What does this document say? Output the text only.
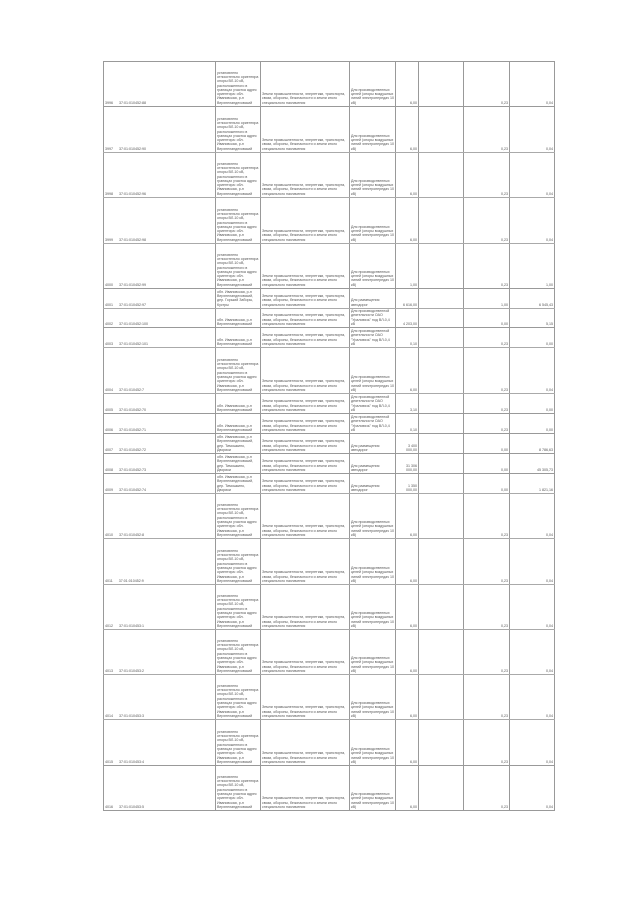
3996 37:01:010452:88	установлено относительно ориентира опоры ВЛ-10 кВ, расположенного в границах участка адрес ориентира: обл. Ивановская, р-н Верхнеландеховский	Земли промышленности, энергетики, транспорта, связи, обороны, безопасности и земли иного специального назначения	Для производственных целей (опоры воздушных линий электропередач 10 кВ)	6,00		0,23	0,04
3997 37:01:010452:90	установлено относительно ориентира опоры ВЛ-10 кВ, расположенного в границах участка адрес ориентира: обл. Ивановская, р-н Верхнеландеховский	Земли промышленности, энергетики, транспорта, связи, обороны, безопасности и земли иного специального назначения	Для производственных целей (опоры воздушных линий электропередач 10 кВ)	6,00		0,23	0,04
3998 37:01:010452:96	установлено относительно ориентира опоры ВЛ-10 кВ, расположенного в границах участка адрес ориентира: обл. Ивановская, р-н Верхнеландеховский	Земли промышленности, энергетики, транспорта, связи, обороны, безопасности и земли иного специального назначения	Для производственных целей (опоры воздушных линий электропередач 10 кВ)	6,00		0,23	0,04
3999 37:01:010452:98	установлено относительно ориентира опоры ВЛ-10 кВ, расположенного в границах участка адрес ориентира: обл. Ивановская, р-н Верхнеландеховский	Земли промышленности, энергетики, транспорта, связи, обороны, безопасности и земли иного специального назначения	Для производственных целей (опоры воздушных линий электропередач 10 кВ)	6,00		0,23	0,04
4000 37:01:010452:99	установлено относительно ориентира опоры ВЛ-10 кВ, расположенного в границах участка адрес ориентира: обл. Ивановская, р-н Верхнеландеховский	Земли промышленности, энергетики, транспорта, связи, обороны, безопасности и земли иного специального назначения	Для производственных целей (опоры воздушных линий электропередач 10 кВ)	1,00		0,23	1,00
4001 37:01:010452:97	обл. Ивановская, р-н Верхнеландеховский, дер. Горький Заборы, Кустры	Земли промышленности, энергетики, транспорта, связи, обороны, безопасности и земли иного специального назначения	Для размещения автодорог	6 616,00		1,00	6 545,43
4002 37:01:010452:100	обл. Ивановская, р-н Верхнеландеховский	Земли промышленности, энергетики, транспорта, связи, обороны, безопасности и земли иного специального назначения	Для производственной деятельности ОАО "Уралсвязь" под ВЛ-0,4 кВ	4 203,00		0,00	5,15
4003 37:01:010452:101	обл. Ивановская, р-н Верхнеландеховский	Земли промышленности, энергетики, транспорта, связи, обороны, безопасности и земли иного специального назначения	Для производственной деятельности ОАО "Уралсвязь" под ВЛ-0,4 кВ	0,10		0,23	0,00
4004 37:01:010452:7	установлено относительно ориентира опоры ВЛ-10 кВ, расположенного в границах участка адрес ориентира: обл. Ивановская, р-н Верхнеландеховский	Земли промышленности, энергетики, транспорта, связи, обороны, безопасности и земли иного специального назначения	Для производственных целей (опоры воздушных линий электропередач 10 кВ)	6,00		0,23	0,04
4005 37:01:010452:70	обл. Ивановская, р-н Верхнеландеховский	Земли промышленности, энергетики, транспорта, связи, обороны, безопасности и земли иного специального назначения	Для производственной деятельности ОАО "Уралсвязь" под ВЛ-0,4 кВ	3,10		0,23	0,00
4006 37:01:010452:71	обл. Ивановская, р-н Верхнеландеховский	Земли промышленности, энергетики, транспорта, связи, обороны, безопасности и земли иного специального назначения	Для производственной деятельности ОАО "Уралсвязь" под ВЛ-0,4 кВ	0,10		0,23	0,00
4007 37:01:010452:72	обл. Ивановская, р-н Верхнеландеховский, дер. Тимошкино, Дворики	Земли промышленности, энергетики, транспорта, связи, обороны, безопасности и земли иного специального назначения	Для размещения автодорог	3 400 000,00		0,00	8 786,63
4008 37:01:010452:73	обл. Ивановская, р-н Верхнеландеховский, дер. Тимошкино, Дворики	Земли промышленности, энергетики, транспорта, связи, обороны, безопасности и земли иного специального назначения	Для размещения автодорог	31 306 000,00		0,00	45 305,73
4009 37:01:010452:74	обл. Ивановская, р-н Верхнеландеховский, дер. Тимошкино, Дворики	Земли промышленности, энергетики, транспорта, связи, обороны, безопасности и земли иного специального назначения	Для размещения автодорог	1 350 000,00		0,00	1 821,16
4010 37:01:010452:8	установлено относительно ориентира опоры ВЛ-10 кВ, расположенного в границах участка адрес ориентира: обл. Ивановская, р-н Верхнеландеховский	Земли промышленности, энергетики, транспорта, связи, обороны, безопасности и земли иного специального назначения	Для производственных целей (опоры воздушных линий электропередач 10 кВ)	6,00		0,23	0,04
4011 37:01:010452:9	установлено относительно ориентира опоры ВЛ-10 кВ, расположенного в границах участка адрес ориентира: обл. Ивановская, р-н Верхнеландеховский	Земли промышленности, энергетики, транспорта, связи, обороны, безопасности и земли иного специального назначения	Для производственных целей (опоры воздушных линий электропередач 10 кВ)	6,00		0,23	0,04
4012 37:01:010453:1	установлено относительно ориентира опоры ВЛ-10 кВ, расположенного в границах участка адрес ориентира: обл. Ивановская, р-н Верхнеландеховский	Земли промышленности, энергетики, транспорта, связи, обороны, безопасности и земли иного специального назначения	Для производственных целей (опоры воздушных линий электропередач 10 кВ)	6,00		0,23	0,04
4013 37:01:010453:2	установлено относительно ориентира опоры ВЛ-10 кВ, расположенного в границах участка адрес ориентира: обл. Ивановская, р-н Верхнеландеховский	Земли промышленности, энергетики, транспорта, связи, обороны, безопасности и земли иного специального назначения	Для производственных целей (опоры воздушных линий электропередач 10 кВ)	6,00		0,23	0,04
4014 37:01:010453:3	установлено относительно ориентира опоры ВЛ-10 кВ, расположенного в границах участка адрес ориентира: обл. Ивановская, р-н Верхнеландеховский	Земли промышленности, энергетики, транспорта, связи, обороны, безопасности и земли иного специального назначения	Для производственных целей (опоры воздушных линий электропередач 10 кВ)	6,00		0,23	0,04
4015 37:01:010453:4	установлено относительно ориентира опоры ВЛ-10 кВ, расположенного в границах участка адрес ориентира: обл. Ивановская, р-н Верхнеландеховский	Земли промышленности, энергетики, транспорта, связи, обороны, безопасности и земли иного специального назначения	Для производственных целей (опоры воздушных линий электропередач 10 кВ)	6,00		0,23	0,04
4016 37:01:010453:5	установлено относительно ориентира опоры ВЛ-10 кВ, расположенного в границах участка адрес ориентира: обл. Ивановская, р-н Верхнеландеховский	Земли промышленности, энергетики, транспорта, связи, обороны, безопасности и земли иного специального назначения	Для производственных целей (опоры воздушных линий электропередач 10 кВ)	6,00		0,23	0,04
